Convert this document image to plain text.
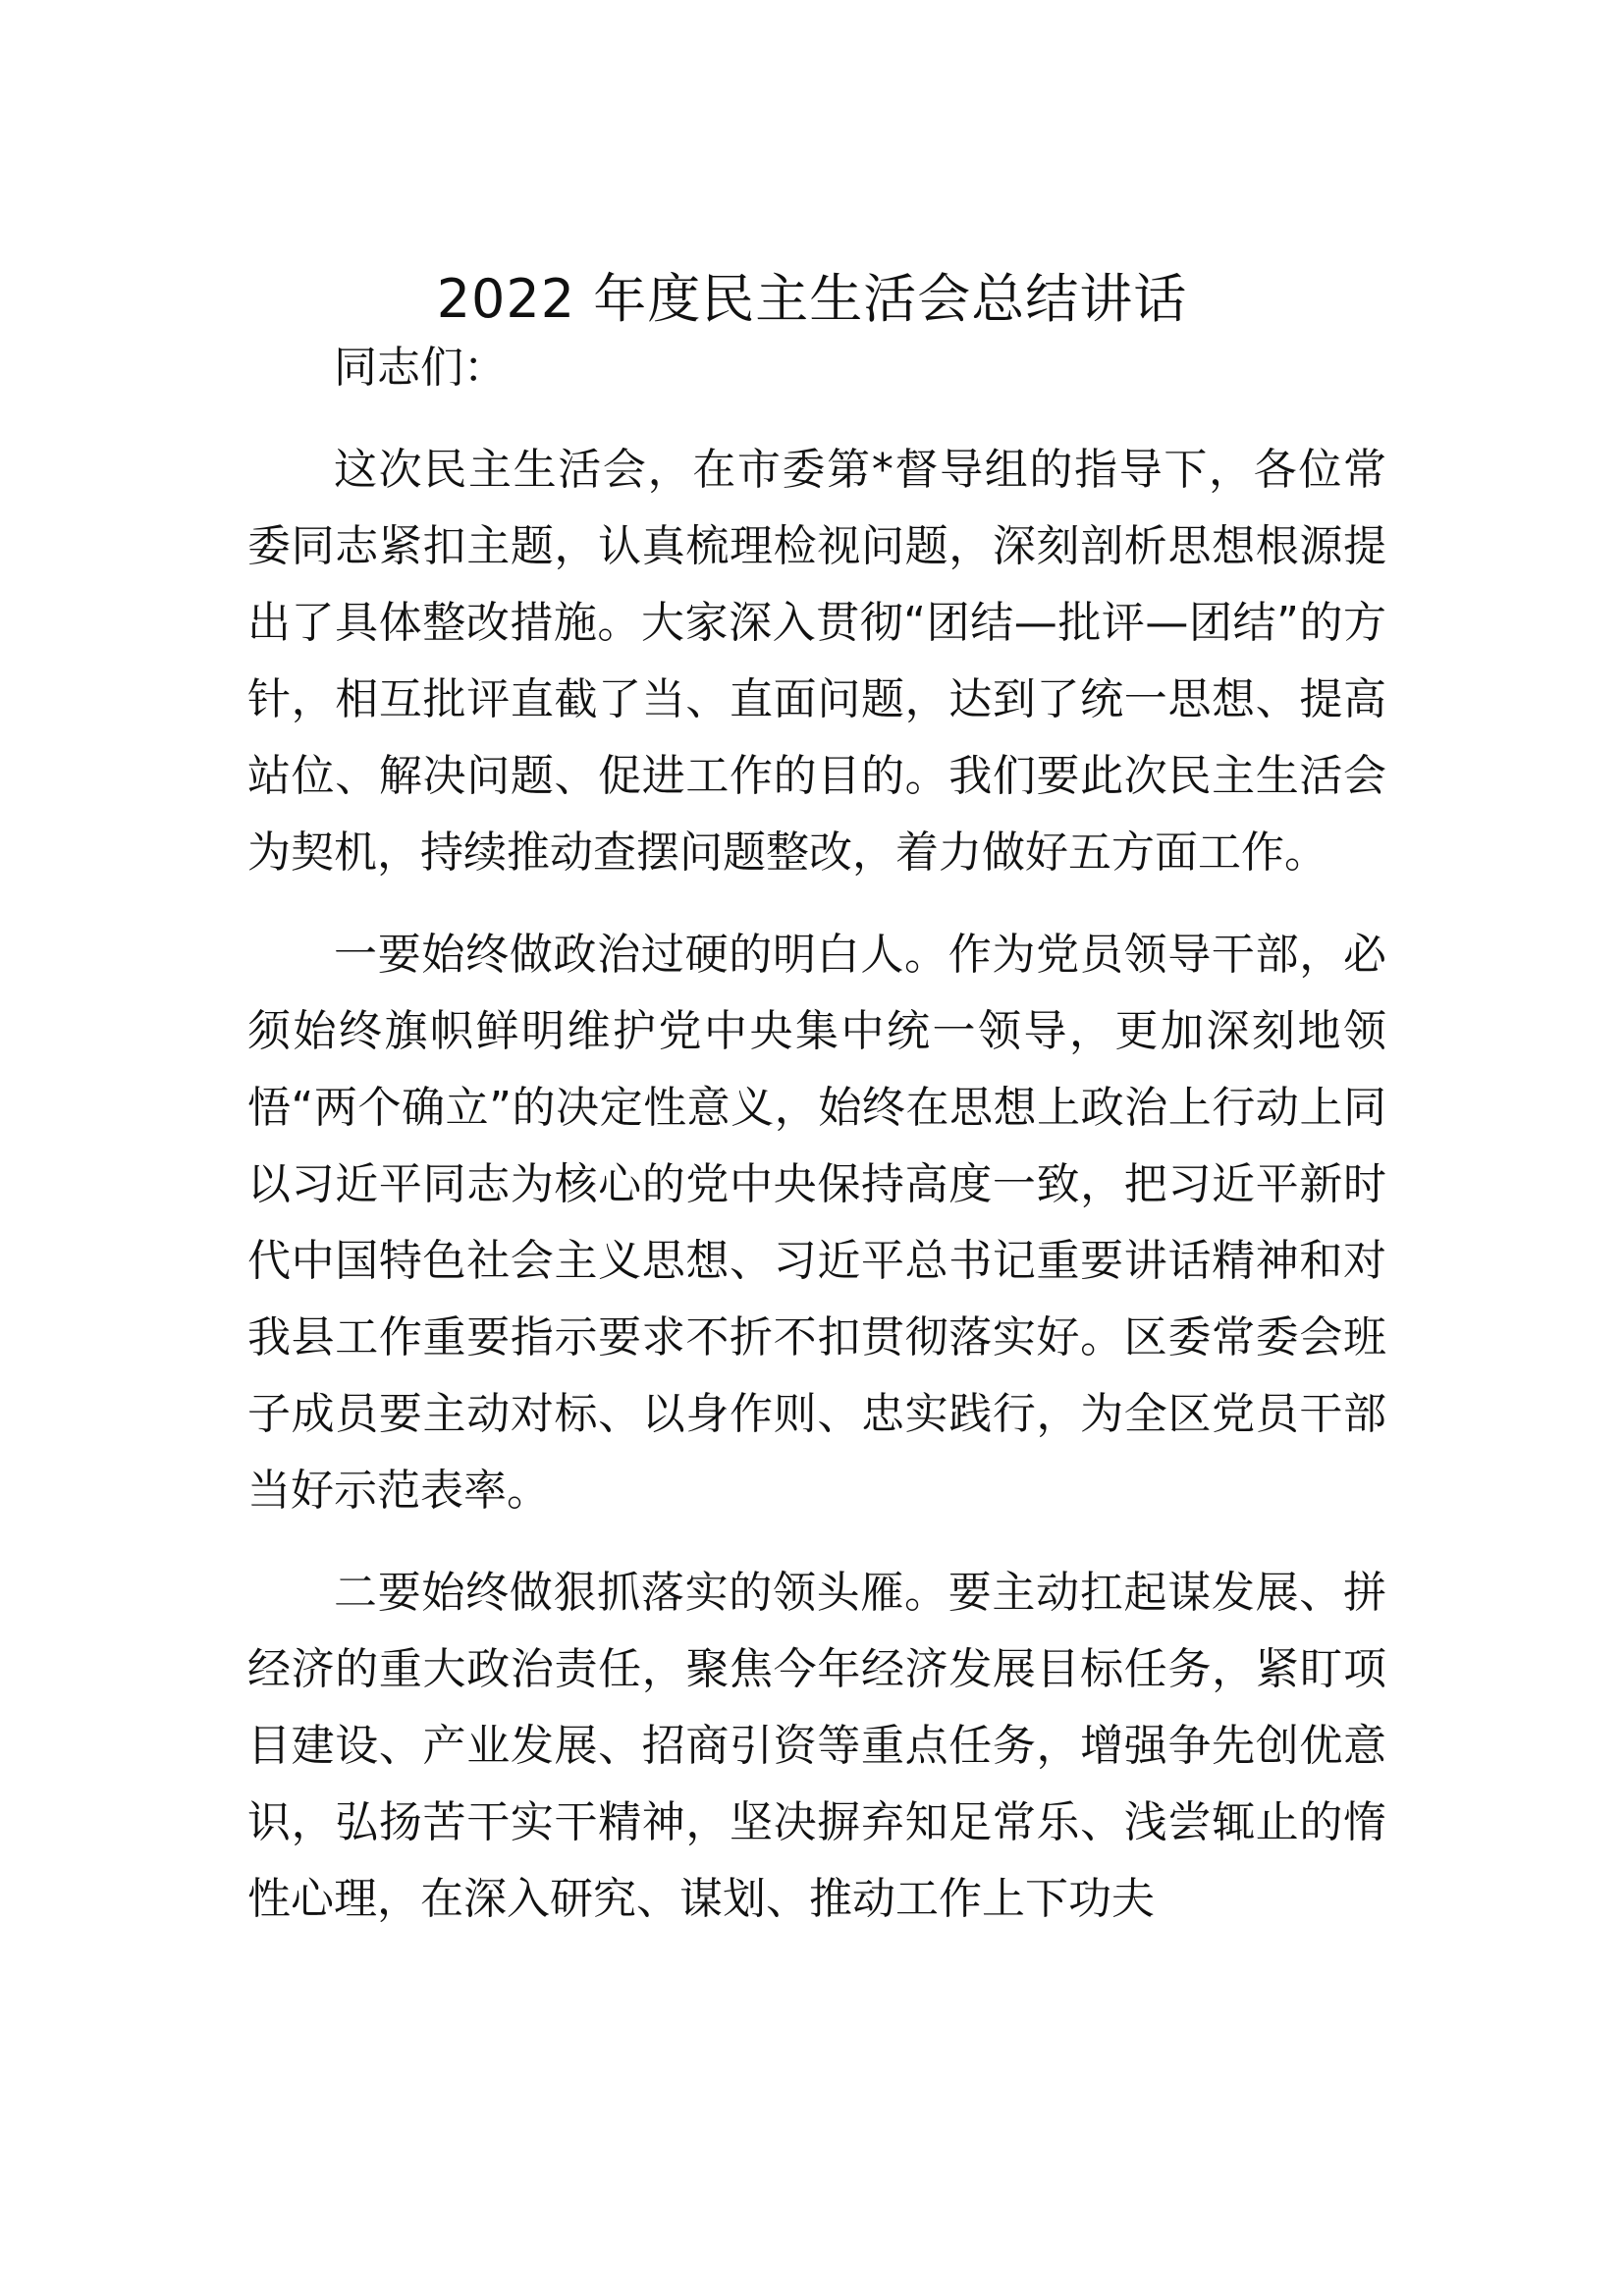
2022 年度民主生活会总结讲话

同志们：

这次民主生活会，在市委第*督导组的指导下，各位常委同志紧扣主题，认真梳理检视问题，深刻剖析思想根源提出了具体整改措施。大家深入贯彻“团结—批评—团结”的方针，相互批评直截了当、直面问题，达到了统一思想、提高站位、解决问题、促进工作的目的。我们要此次民主生活会为契机，持续推动查摆问题整改，着力做好五方面工作。

一要始终做政治过硬的明白人。作为党员领导干部，必须始终旗帜鲜明维护党中央集中统一领导，更加深刻地领悟“两个确立”的决定性意义，始终在思想上政治上行动上同以习近平同志为核心的党中央保持高度一致，把习近平新时代中国特色社会主义思想、习近平总书记重要讲话精神和对我县工作重要指示要求不折不扣贯彻落实好。区委常委会班子成员要主动对标、以身作则、忠实践行，为全区党员干部当好示范表率。

二要始终做狠抓落实的领头雁。要主动扛起谋发展、拼经济的重大政治责任，聚焦今年经济发展目标任务，紧盯项目建设、产业发展、招商引资等重点任务，增强争先创优意识，弘扬苦干实干精神，坚决摒弃知足常乐、浅尝辄止的惰性心理，在深入研究、谋划、推动工作上下功夫
